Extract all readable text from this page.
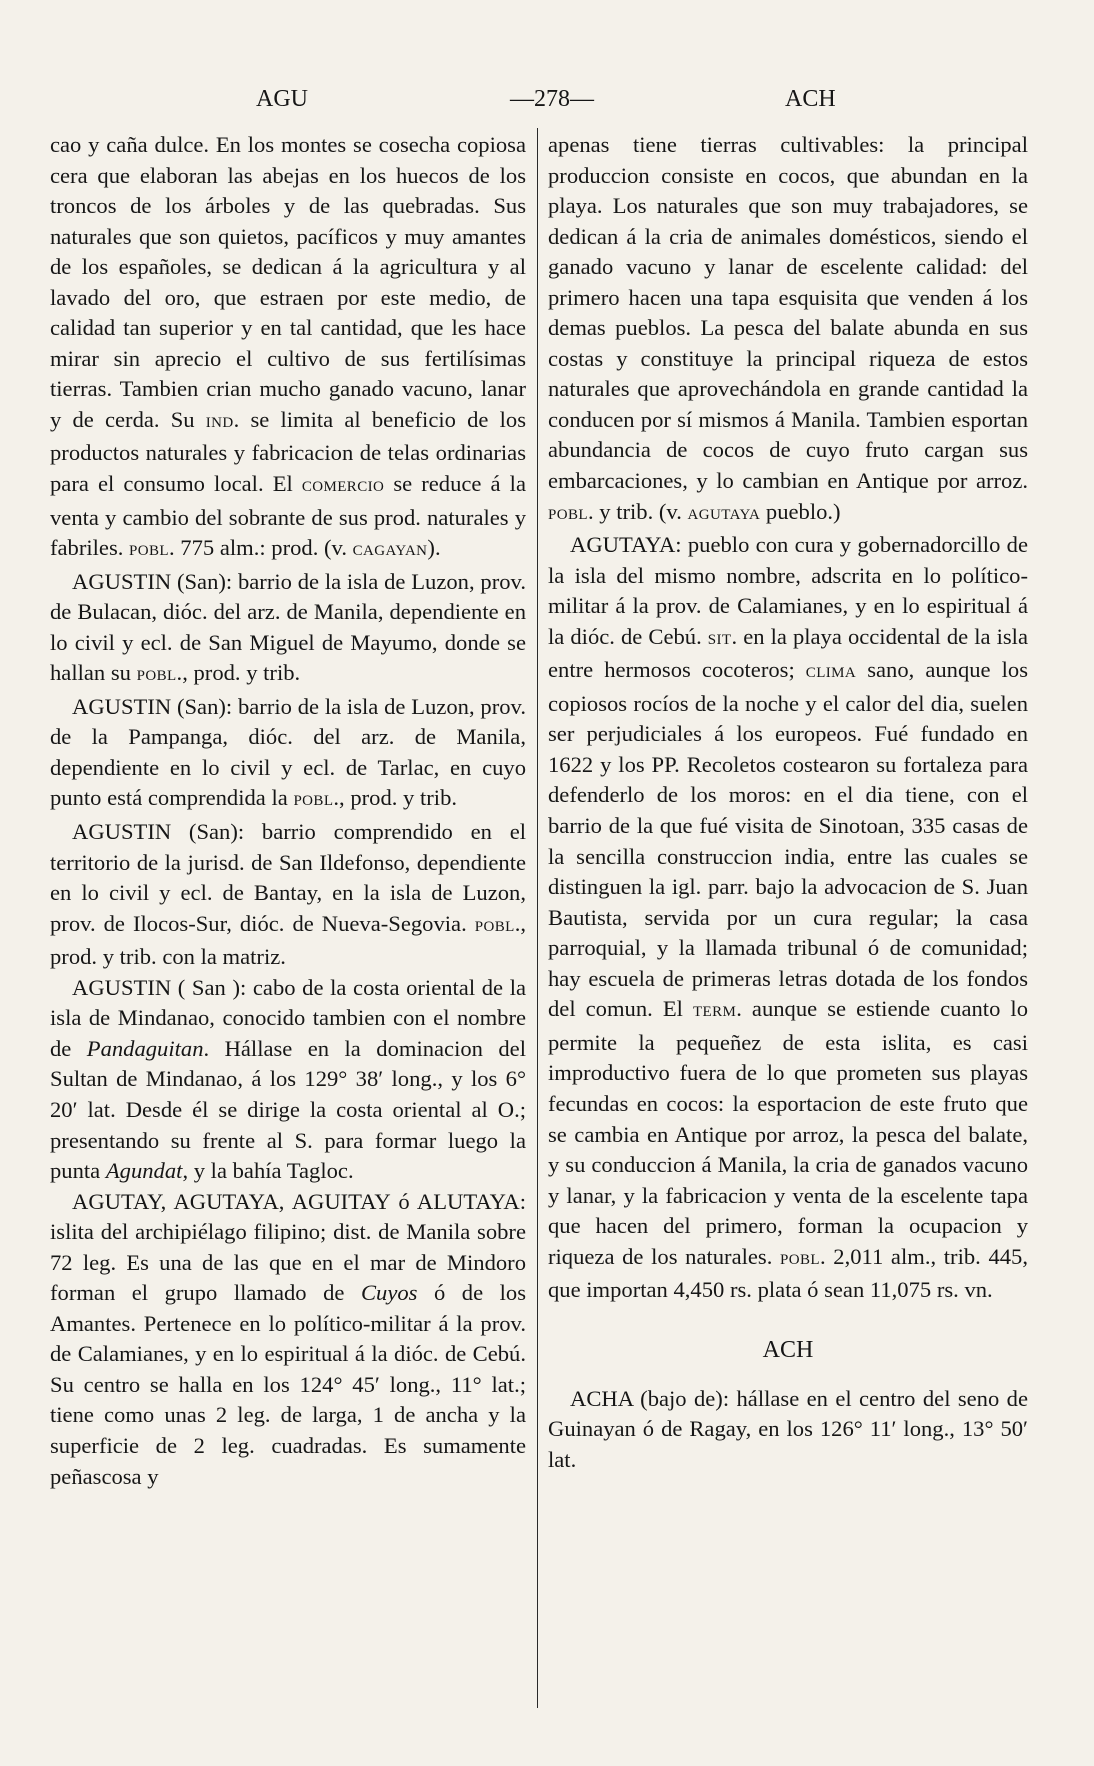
AGU	—278—	ACH

cao y caña dulce. En los montes se cosecha copiosa cera que elaboran las abejas en los huecos de los troncos de los árboles y de las quebradas. Sus naturales que son quietos, pacíficos y muy amantes de los españoles, se dedican á la agricultura y al lavado del oro, que estraen por este medio, de calidad tan superior y en tal cantidad, que les hace mirar sin aprecio el cultivo de sus fertilísimas tierras. Tambien crian mucho ganado vacuno, lanar y de cerda. Su IND. se limita al beneficio de los productos naturales y fabricacion de telas ordinarias para el consumo local. El COMERCIO se reduce á la venta y cambio del sobrante de sus prod. naturales y fabriles. POBL. 775 alm.: prod. (v. CAGAYAN).

AGUSTIN (San): barrio de la isla de Luzon, prov. de Bulacan, dióc. del arz. de Manila, dependiente en lo civil y ecl. de San Miguel de Mayumo, donde se hallan su POBL., prod. y trib.

AGUSTIN (San): barrio de la isla de Luzon, prov. de la Pampanga, dióc. del arz. de Manila, dependiente en lo civil y ecl. de Tarlac, en cuyo punto está comprendida la POBL., prod. y trib.

AGUSTIN (San): barrio comprendido en el territorio de la jurisd. de San Ildefonso, dependiente en lo civil y ecl. de Bantay, en la isla de Luzon, prov. de Ilocos-Sur, dióc. de Nueva-Segovia. POBL., prod. y trib. con la matriz.

AGUSTIN ( San ): cabo de la costa oriental de la isla de Mindanao, conocido tambien con el nombre de Pandaguitan. Hállase en la dominacion del Sultan de Mindanao, á los 129° 38′ long., y los 6° 20′ lat. Desde él se dirige la costa oriental al O.; presentando su frente al S. para formar luego la punta Agundat, y la bahía Tagloc.

AGUTAY, AGUTAYA, AGUITAY ó ALUTAYA: islita del archipiélago filipino; dist. de Manila sobre 72 leg. Es una de las que en el mar de Mindoro forman el grupo llamado de Cuyos ó de los Amantes. Pertenece en lo político-militar á la prov. de Calamianes, y en lo espiritual á la dióc. de Cebú. Su centro se halla en los 124° 45′ long., 11° lat.; tiene como unas 2 leg. de larga, 1 de ancha y la superficie de 2 leg. cuadradas. Es sumamente peñascosa y

apenas tiene tierras cultivables: la principal produccion consiste en cocos, que abundan en la playa. Los naturales que son muy trabajadores, se dedican á la cria de animales domésticos, siendo el ganado vacuno y lanar de escelente calidad: del primero hacen una tapa esquisita que venden á los demas pueblos. La pesca del balate abunda en sus costas y constituye la principal riqueza de estos naturales que aprovechándola en grande cantidad la conducen por sí mismos á Manila. Tambien esportan abundancia de cocos de cuyo fruto cargan sus embarcaciones, y lo cambian en Antique por arroz. POBL. y trib. (v. AGUTAYA pueblo.)

AGUTAYA: pueblo con cura y gobernadorcillo de la isla del mismo nombre, adscrita en lo político-militar á la prov. de Calamianes, y en lo espiritual á la dióc. de Cebú. SIT. en la playa occidental de la isla entre hermosos cocoteros; CLIMA sano, aunque los copiosos rocíos de la noche y el calor del dia, suelen ser perjudiciales á los europeos. Fué fundado en 1622 y los PP. Recoletos costearon su fortaleza para defenderlo de los moros: en el dia tiene, con el barrio de la que fué visita de Sinotoan, 335 casas de la sencilla construccion india, entre las cuales se distinguen la igl. parr. bajo la advocacion de S. Juan Bautista, servida por un cura regular; la casa parroquial, y la llamada tribunal ó de comunidad; hay escuela de primeras letras dotada de los fondos del comun. El TERM. aunque se estiende cuanto lo permite la pequeñez de esta islita, es casi improductivo fuera de lo que prometen sus playas fecundas en cocos: la esportacion de este fruto que se cambia en Antique por arroz, la pesca del balate, y su conduccion á Manila, la cria de ganados vacuno y lanar, y la fabricacion y venta de la escelente tapa que hacen del primero, forman la ocupacion y riqueza de los naturales. POBL. 2,011 alm., trib. 445, que importan 4,450 rs. plata ó sean 11,075 rs. vn.

ACH

ACHA (bajo de): hállase en el centro del seno de Guinayan ó de Ragay, en los 126° 11′ long., 13° 50′ lat.
